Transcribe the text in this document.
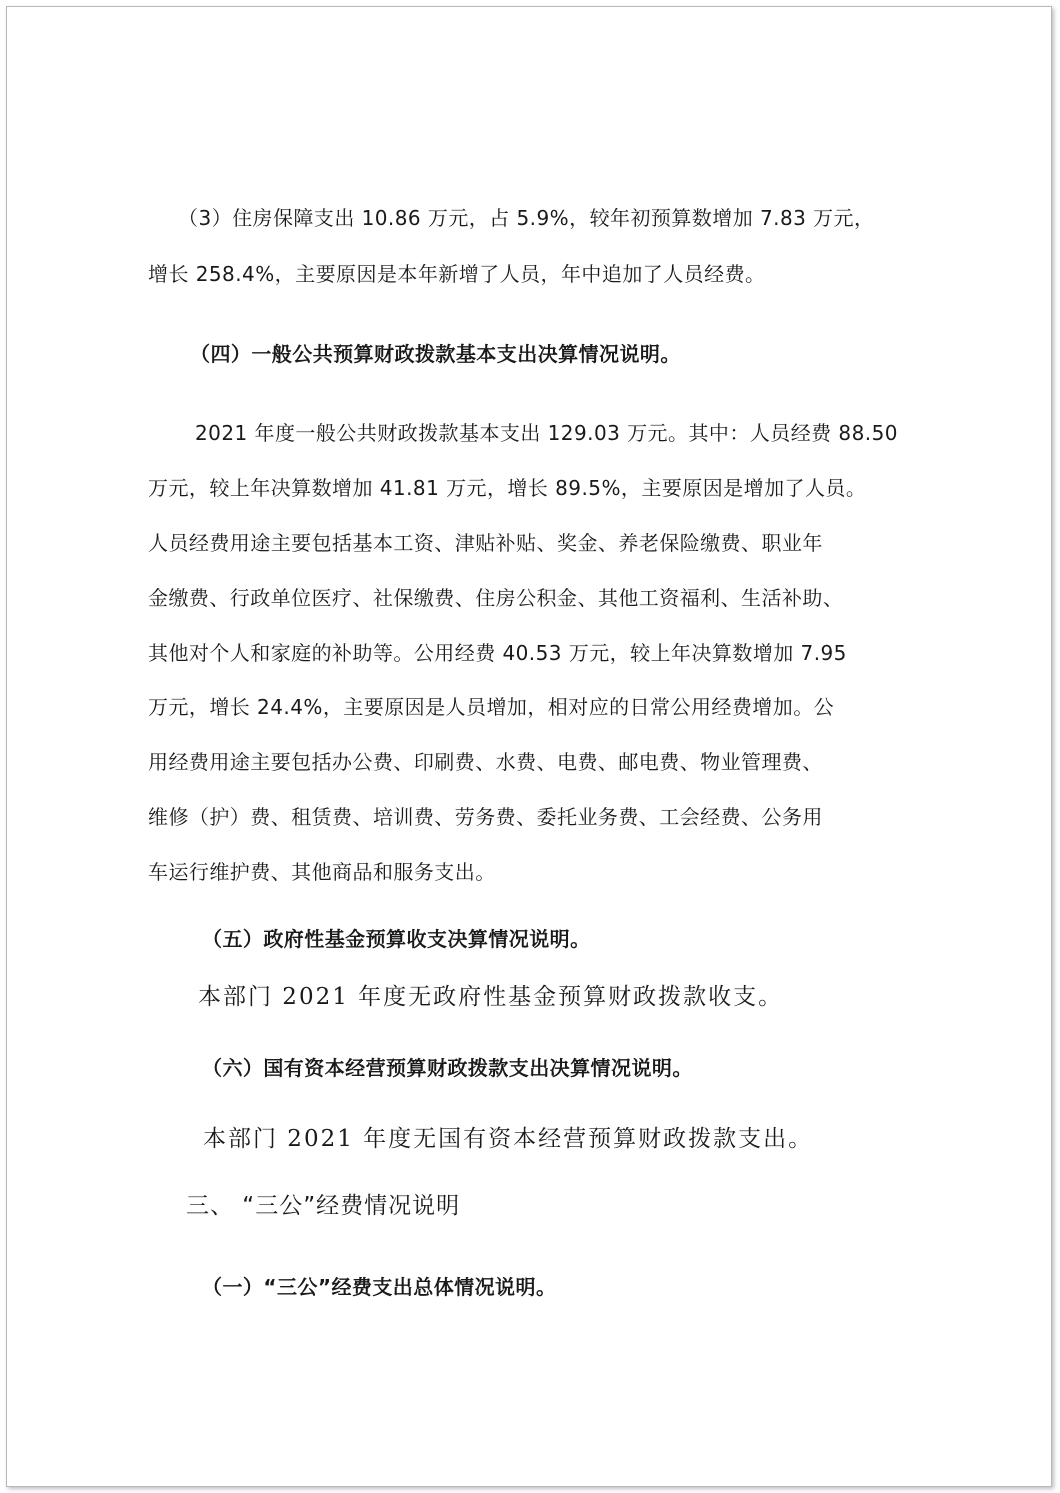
（3）住房保障支出 10.86 万元，占 5.9%，较年初预算数增加 7.83 万元，
增长 258.4%，主要原因是本年新增了人员，年中追加了人员经费。
（四）一般公共预算财政拨款基本支出决算情况说明。
2021 年度一般公共财政拨款基本支出 129.03 万元。其中：人员经费 88.50
万元，较上年决算数增加 41.81 万元，增长 89.5%，主要原因是增加了人员。
人员经费用途主要包括基本工资、津贴补贴、奖金、养老保险缴费、职业年
金缴费、行政单位医疗、社保缴费、住房公积金、其他工资福利、生活补助、
其他对个人和家庭的补助等。公用经费 40.53 万元，较上年决算数增加 7.95
万元，增长 24.4%，主要原因是人员增加，相对应的日常公用经费增加。公
用经费用途主要包括办公费、印刷费、水费、电费、邮电费、物业管理费、
维修（护）费、租赁费、培训费、劳务费、委托业务费、工会经费、公务用
车运行维护费、其他商品和服务支出。
（五）政府性基金预算收支决算情况说明。
本部门 2021 年度无政府性基金预算财政拨款收支。
（六）国有资本经营预算财政拨款支出决算情况说明。
本部门 2021 年度无国有资本经营预算财政拨款支出。
三、 “三公”经费情况说明
（一）“三公”经费支出总体情况说明。
